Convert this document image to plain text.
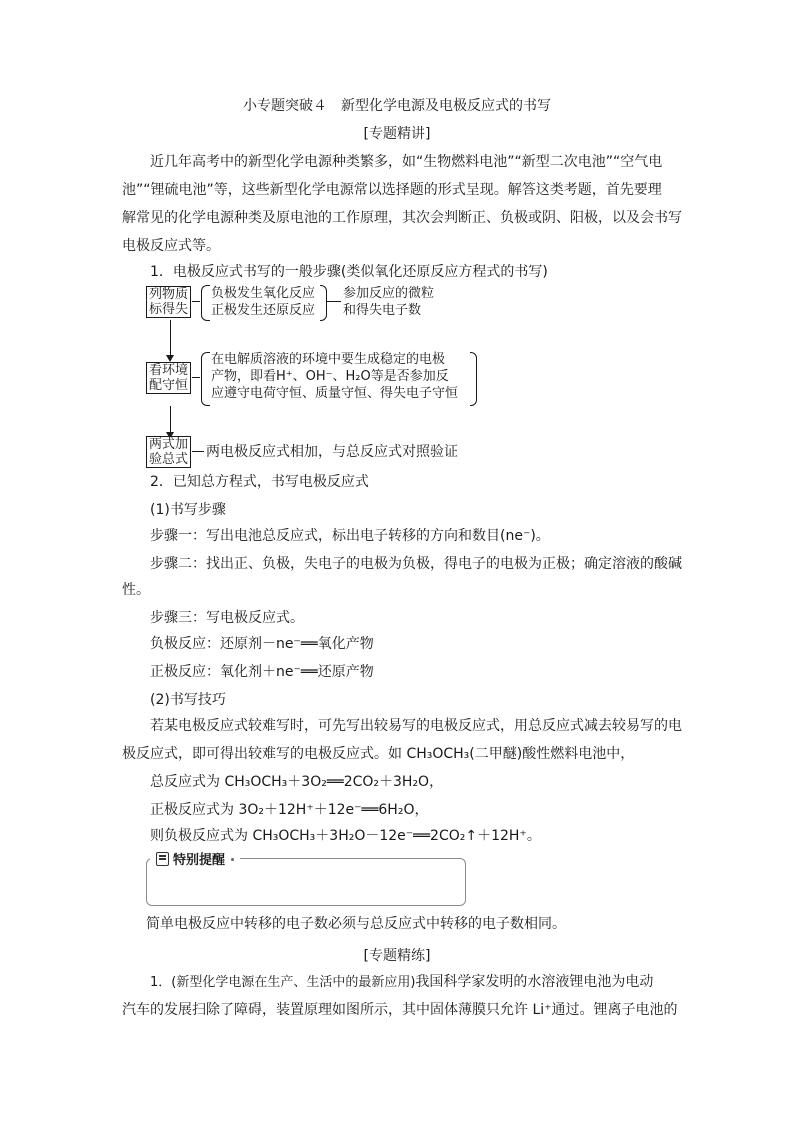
小专题突破４　新型化学电源及电极反应式的书写
[专题精讲]
近几年高考中的新型化学电源种类繁多，如“生物燃料电池”“新型二次电池”“空气电
池”“锂硫电池”等，这些新型化学电源常以选择题的形式呈现。解答这类考题，首先要理
解常见的化学电源种类及原电池的工作原理，其次会判断正、负极或阴、阳极，以及会书写
电极反应式等。
1．电极反应式书写的一般步骤(类似氧化还原反应方程式的书写)
列物质
标得失
负极发生氧化反应
正极发生还原反应
参加反应的微粒
和得失电子数
看环境
配守恒
在电解质溶液的环境中要生成稳定的电极
产物，即看H⁺、OH⁻、H₂O等是否参加反
应遵守电荷守恒、质量守恒、得失电子守恒
两式加
验总式 两电极反应式相加，与总反应式对照验证
2．已知总方程式，书写电极反应式
(1)书写步骤
步骤一：写出电池总反应式，标出电子转移的方向和数目(ne⁻)。
步骤二：找出正、负极，失电子的电极为负极，得电子的电极为正极；确定溶液的酸碱
性。
步骤三：写电极反应式。
负极反应：还原剂－ne⁻══氧化产物
正极反应：氧化剂＋ne⁻══还原产物
(2)书写技巧
若某电极反应式较难写时，可先写出较易写的电极反应式，用总反应式减去较易写的电
极反应式，即可得出较难写的电极反应式。如 CH₃OCH₃(二甲醚)酸性燃料电池中，
总反应式为 CH₃OCH₃＋3O₂══2CO₂＋3H₂O，
正极反应式为 3O₂＋12H⁺＋12e⁻══6H₂O，
则负极反应式为 CH₃OCH₃＋3H₂O－12e⁻══2CO₂↑＋12H⁺。
特别提醒
简单电极反应中转移的电子数必须与总反应式中转移的电子数相同。
[专题精练]
1．(新型化学电源在生产、生活中的最新应用)我国科学家发明的水溶液锂电池为电动
汽车的发展扫除了障碍，装置原理如图所示，其中固体薄膜只允许 Li⁺通过。锂离子电池的
